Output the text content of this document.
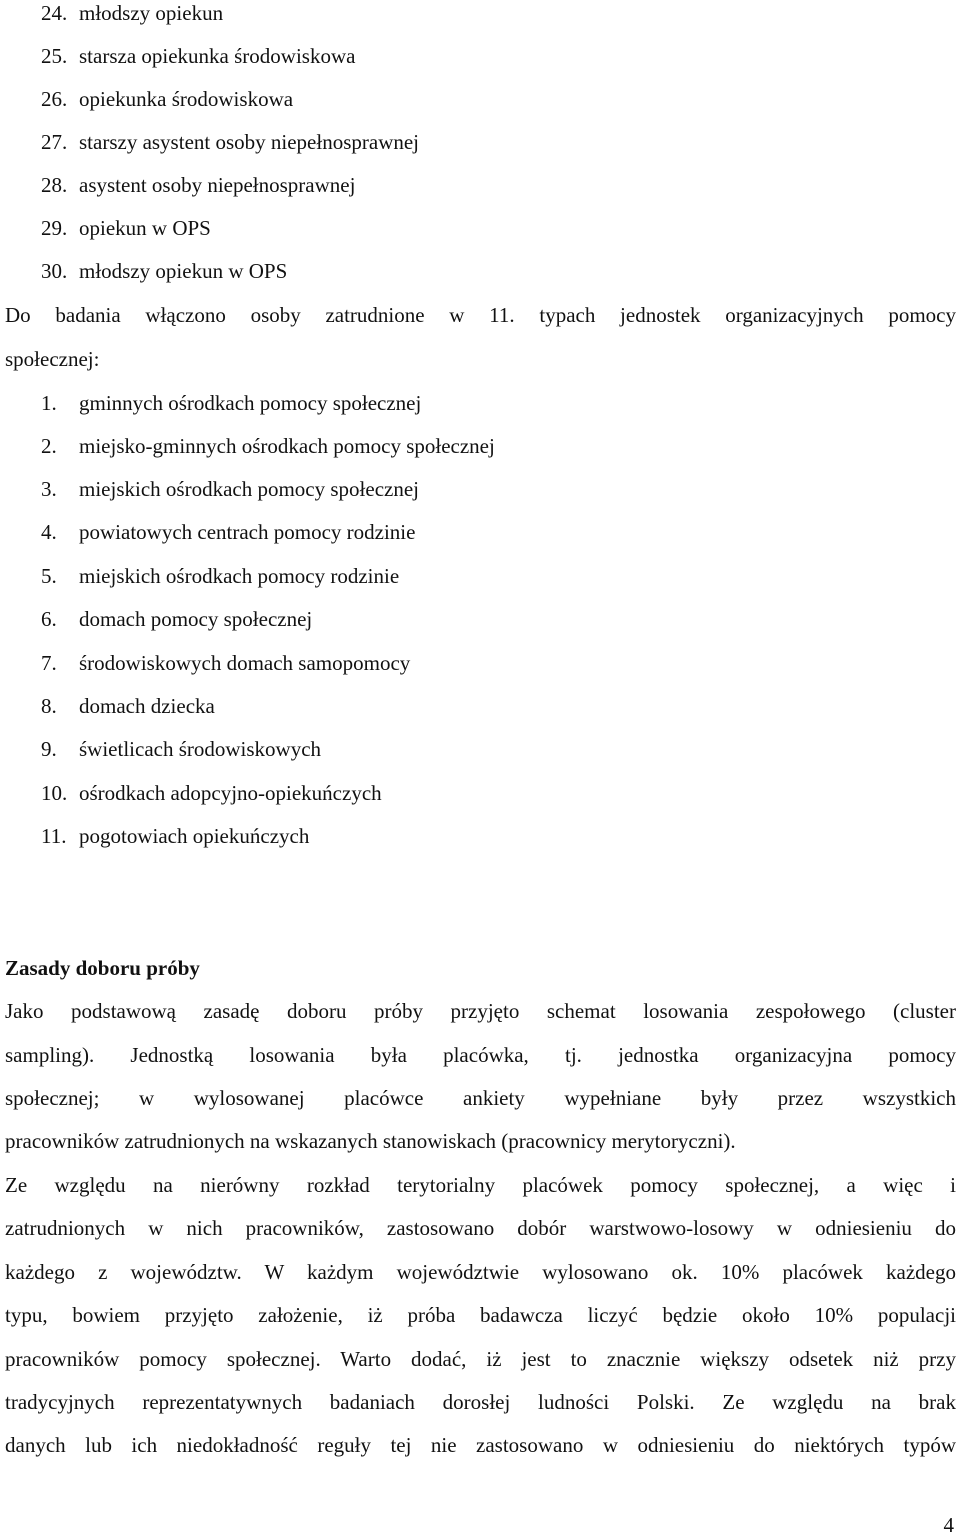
24. młodszy opiekun
25. starsza opiekunka środowiskowa
26. opiekunka środowiskowa
27. starszy asystent osoby niepełnosprawnej
28. asystent osoby niepełnosprawnej
29. opiekun w OPS
30. młodszy opiekun w OPS
Do badania włączono osoby zatrudnione w 11. typach jednostek organizacyjnych pomocy
społecznej:
1. gminnych ośrodkach pomocy społecznej
2. miejsko-gminnych ośrodkach pomocy społecznej
3. miejskich ośrodkach pomocy społecznej
4. powiatowych centrach pomocy rodzinie
5. miejskich ośrodkach pomocy rodzinie
6. domach pomocy społecznej
7. środowiskowych domach samopomocy
8. domach dziecka
9. świetlicach środowiskowych
10. ośrodkach adopcyjno-opiekuńczych
11. pogotowiach opiekuńczych
Zasady doboru próby
Jako podstawową zasadę doboru próby przyjęto schemat losowania zespołowego (cluster
sampling). Jednostką losowania była placówka, tj. jednostka organizacyjna pomocy
społecznej; w wylosowanej placówce ankiety wypełniane były przez wszystkich
pracowników zatrudnionych na wskazanych stanowiskach (pracownicy merytoryczni).
Ze względu na nierówny rozkład terytorialny placówek pomocy społecznej, a więc i
zatrudnionych w nich pracowników, zastosowano dobór warstwowo-losowy w odniesieniu do
każdego z województw. W każdym województwie wylosowano ok. 10% placówek każdego
typu, bowiem przyjęto założenie, iż próba badawcza liczyć będzie około 10% populacji
pracowników pomocy społecznej. Warto dodać, iż jest to znacznie większy odsetek niż przy
tradycyjnych reprezentatywnych badaniach dorosłej ludności Polski. Ze względu na brak
danych lub ich niedokładność reguły tej nie zastosowano w odniesieniu do niektórych typów
4
